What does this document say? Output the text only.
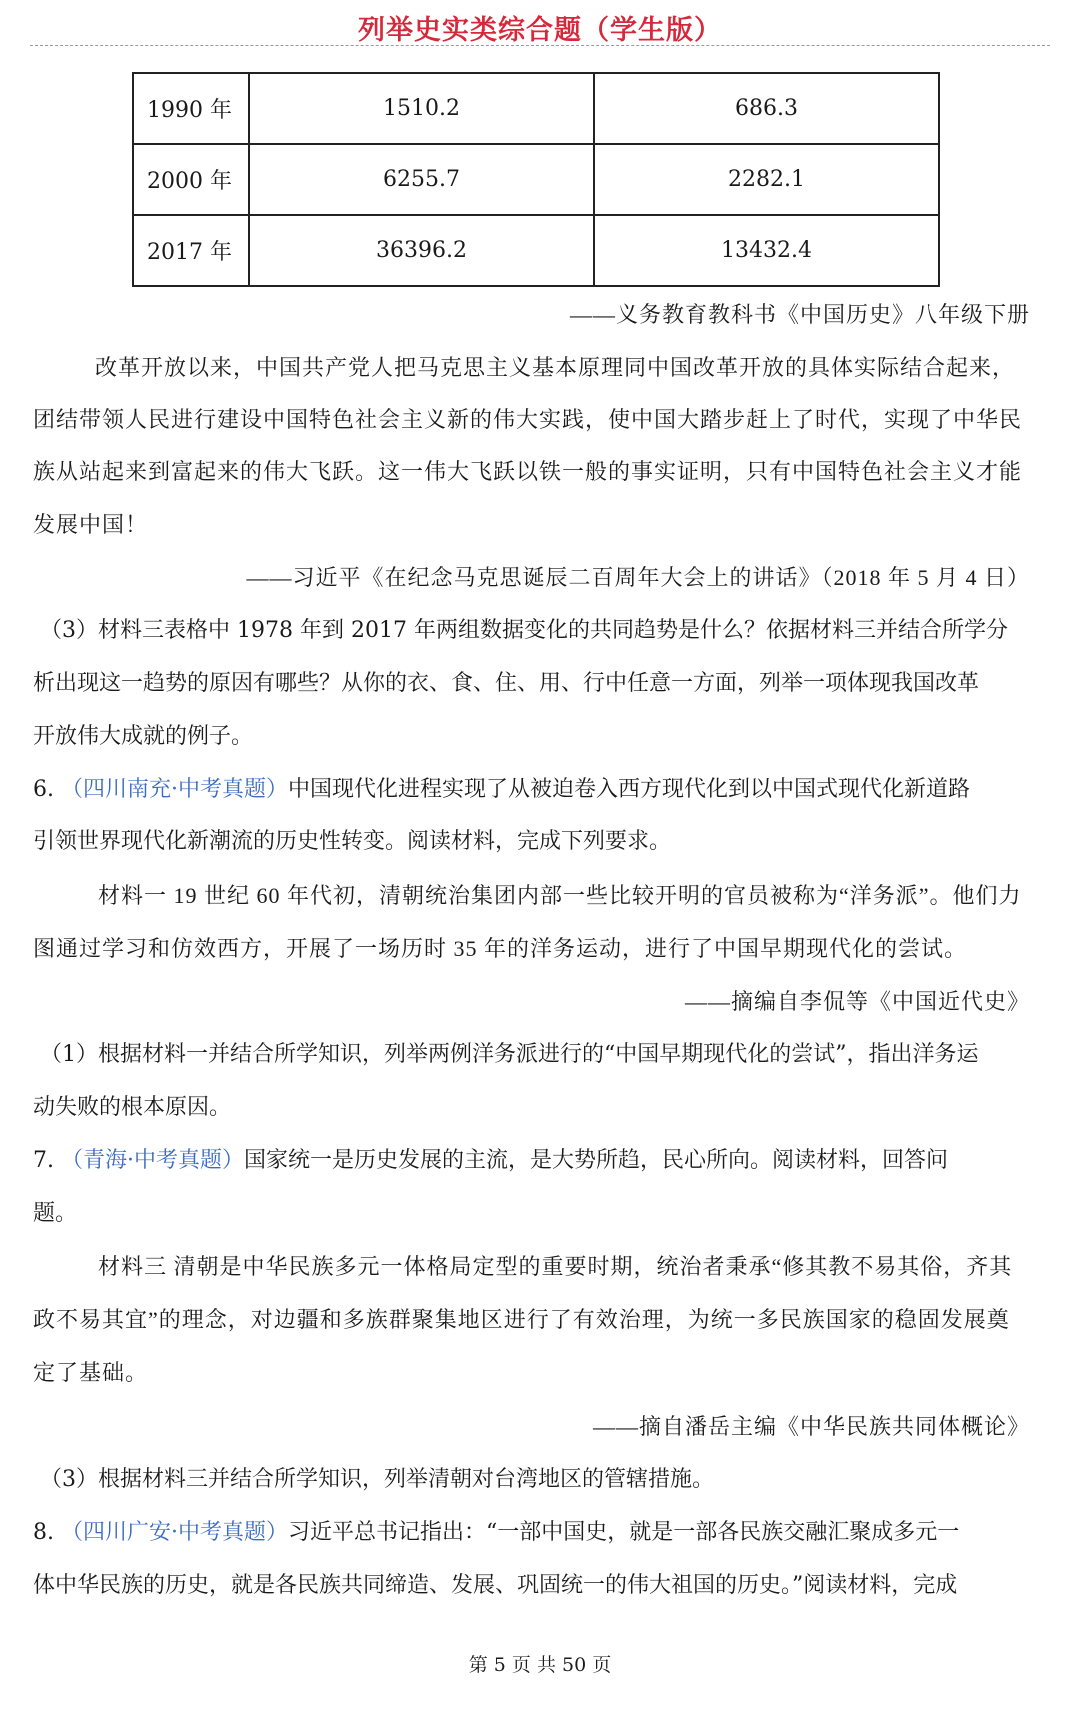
列举史实类综合题（学生版）
1990 年	1510.2	686.3
2000 年	6255.7	2282.1
2017 年	36396.2	13432.4
——义务教育教科书《中国历史》八年级下册
改革开放以来，中国共产党人把马克思主义基本原理同中国改革开放的具体实际结合起来，
团结带领人民进行建设中国特色社会主义新的伟大实践，使中国大踏步赶上了时代，实现了中华民
族从站起来到富起来的伟大飞跃。这一伟大飞跃以铁一般的事实证明，只有中国特色社会主义才能
发展中国！
——习近平《在纪念马克思诞辰二百周年大会上的讲话》（2018 年 5 月 4 日）
（3）材料三表格中 1978 年到 2017 年两组数据变化的共同趋势是什么？依据材料三并结合所学分
析出现这一趋势的原因有哪些？从你的衣、食、住、用、行中任意一方面，列举一项体现我国改革
开放伟大成就的例子。
6. （四川南充·中考真题）中国现代化进程实现了从被迫卷入西方现代化到以中国式现代化新道路
引领世界现代化新潮流的历史性转变。阅读材料，完成下列要求。
材料一 19 世纪 60 年代初，清朝统治集团内部一些比较开明的官员被称为“洋务派”。他们力
图通过学习和仿效西方，开展了一场历时 35 年的洋务运动，进行了中国早期现代化的尝试。
——摘编自李侃等《中国近代史》
（1）根据材料一并结合所学知识，列举两例洋务派进行的“中国早期现代化的尝试”，指出洋务运
动失败的根本原因。
7. （青海·中考真题）国家统一是历史发展的主流，是大势所趋，民心所向。阅读材料，回答问
题。
材料三 清朝是中华民族多元一体格局定型的重要时期，统治者秉承“修其教不易其俗，齐其
政不易其宜”的理念，对边疆和多族群聚集地区进行了有效治理，为统一多民族国家的稳固发展奠
定了基础。
——摘自潘岳主编《中华民族共同体概论》
（3）根据材料三并结合所学知识，列举清朝对台湾地区的管辖措施。
8. （四川广安·中考真题）习近平总书记指出：“一部中国史，就是一部各民族交融汇聚成多元一
体中华民族的历史，就是各民族共同缔造、发展、巩固统一的伟大祖国的历史。”阅读材料，完成
第 5 页 共 50 页
